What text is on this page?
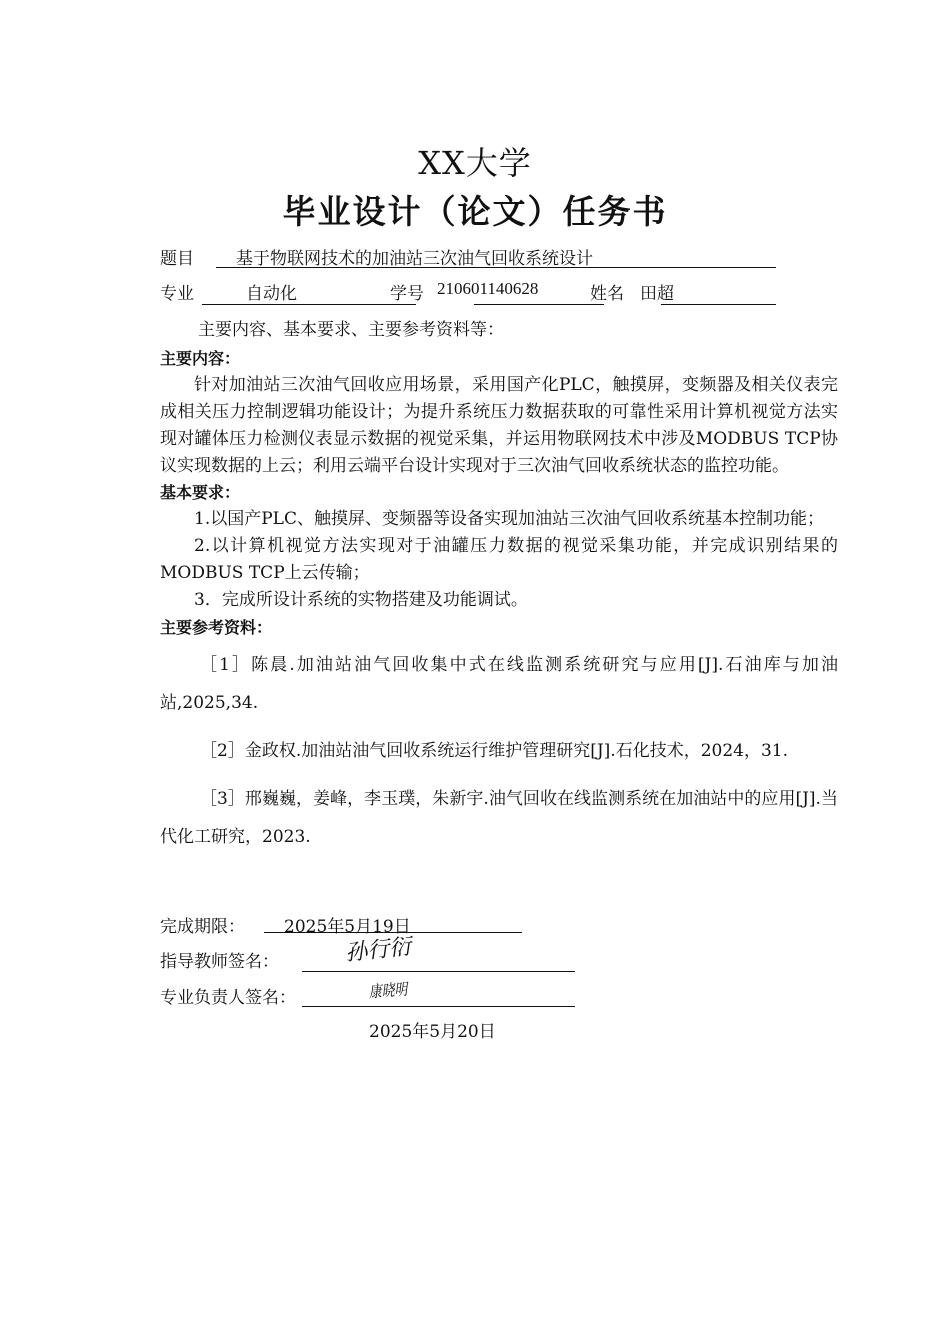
XX大学
毕业设计（论文）任务书
题目 基于物联网技术的加油站三次油气回收系统设计
专业	自动化	学号 210601140628	姓名 田超
主要内容、基本要求、主要参考资料等：
主要内容：

针对加油站三次油气回收应用场景，采用国产化PLC，触摸屏，变频器及相关仪表完成相关压力控制逻辑功能设计；为提升系统压力数据获取的可靠性采用计算机视觉方法实现对罐体压力检测仪表显示数据的视觉采集，并运用物联网技术中涉及MODBUS TCP协议实现数据的上云；利用云端平台设计实现对于三次油气回收系统状态的监控功能。

基本要求：

1.以国产PLC、触摸屏、变频器等设备实现加油站三次油气回收系统基本控制功能；

2.以计算机视觉方法实现对于油罐压力数据的视觉采集功能，并完成识别结果的MODBUS TCP上云传输；

3．完成所设计系统的实物搭建及功能调试。

主要参考资料：

［1］陈晨.加油站油气回收集中式在线监测系统研究与应用[J].石油库与加油站,2025,34.

［2］金政权.加油站油气回收系统运行维护管理研究[J].石化技术，2024，31.

［3］邢巍巍，姜峰，李玉璞，朱新宇.油气回收在线监测系统在加油站中的应用[J].当代化工研究，2023.

完成期限： 2025年5月19日
指导教师签名：	孙行衍
专业负责人签名：	康晓明
2025年5月20日
